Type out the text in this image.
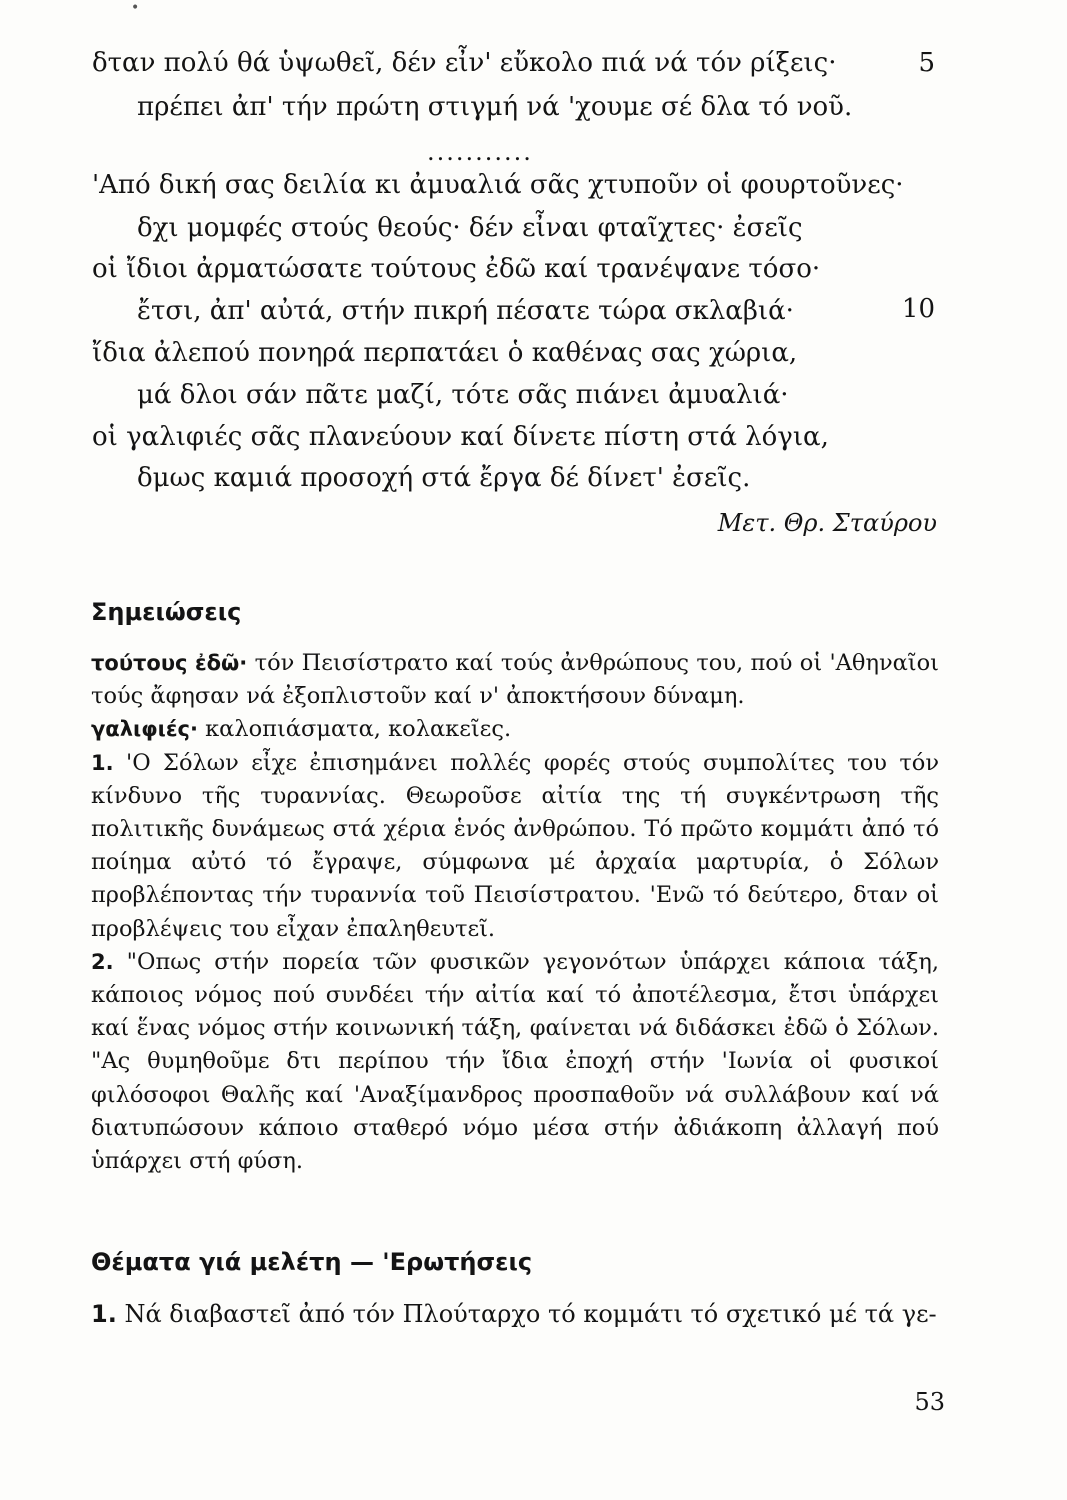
•
δταν πολύ θά ὑψωθεῖ, δέν εἶν' εὔκολο πιά νά τόν ρίξεις·	5
πρέπει ἀπ' τήν πρώτη στιγμή νά 'χουμε σέ δλα τό νοῦ.
...........
'Από δική σας δειλία κι ἀμυαλιά σᾶς χτυποῦν οἱ φουρτοῦνες·
δχι μομφές στούς θεούς· δέν εἶναι φταῖχτες· ἐσεῖς
οἱ ἴδιοι ἀρματώσατε τούτους ἐδῶ καί τρανέψανε τόσο·
ἔτσι, ἀπ' αὐτά, στήν πικρή πέσατε τώρα σκλαβιά·	10
ἴδια ἀλεπού πονηρά περπατάει ὁ καθένας σας χώρια,
μά δλοι σάν πᾶτε μαζί, τότε σᾶς πιάνει ἀμυαλιά·
οἱ γαλιφιές σᾶς πλανεύουν καί δίνετε πίστη στά λόγια,
δμως καμιά προσοχή στά ἔργα δέ δίνετ' ἐσεῖς.
Μετ. Θρ. Σταύρου
Σημειώσεις

τούτους ἐδῶ· τόν Πεισίστρατο καί τούς ἀνθρώπους του, πού οἱ 'Αθηναῖοι τούς ἄφησαν νά ἐξοπλιστοῦν καί ν' ἀποκτήσουν δύναμη.

γαλιφιές· καλοπιάσματα, κολακεῖες.

1. 'Ο Σόλων εἶχε ἐπισημάνει πολλές φορές στούς συμπολίτες του τόν κίνδυνο τῆς τυραννίας. Θεωροῦσε αἰτία της τή συγκέντρωση τῆς πολιτικῆς δυνάμεως στά χέρια ἑνός ἀνθρώπου. Τό πρῶτο κομμάτι ἀπό τό ποίημα αὐτό τό ἔγραψε, σύμφωνα μέ ἀρχαία μαρτυρία, ὁ Σόλων προβλέποντας τήν τυραννία τοῦ Πεισίστρατου. 'Ενῶ τό δεύτερο, δταν οἱ προβλέψεις του εἶχαν ἐπαληθευτεῖ.

2. "Οπως στήν πορεία τῶν φυσικῶν γεγονότων ὑπάρχει κάποια τάξη, κάποιος νόμος πού συνδέει τήν αἰτία καί τό ἀποτέλεσμα, ἔτσι ὑπάρχει καί ἕνας νόμος στήν κοινωνική τάξη, φαίνεται νά διδάσκει ἐδῶ ὁ Σόλων. "Ας θυμηθοῦμε δτι περίπου τήν ἴδια ἐποχή στήν 'Ιωνία οἱ φυσικοί φιλόσοφοι Θαλῆς καί 'Αναξίμανδρος προσπαθοῦν νά συλλάβουν καί νά διατυπώσουν κάποιο σταθερό νόμο μέσα στήν ἀδιάκοπη ἀλλαγή πού ὑπάρχει στή φύση.

Θέματα γιά μελέτη — 'Ερωτήσεις
1. Νά διαβαστεῖ ἀπό τόν Πλούταρχο τό κομμάτι τό σχετικό μέ τά γε-
53
